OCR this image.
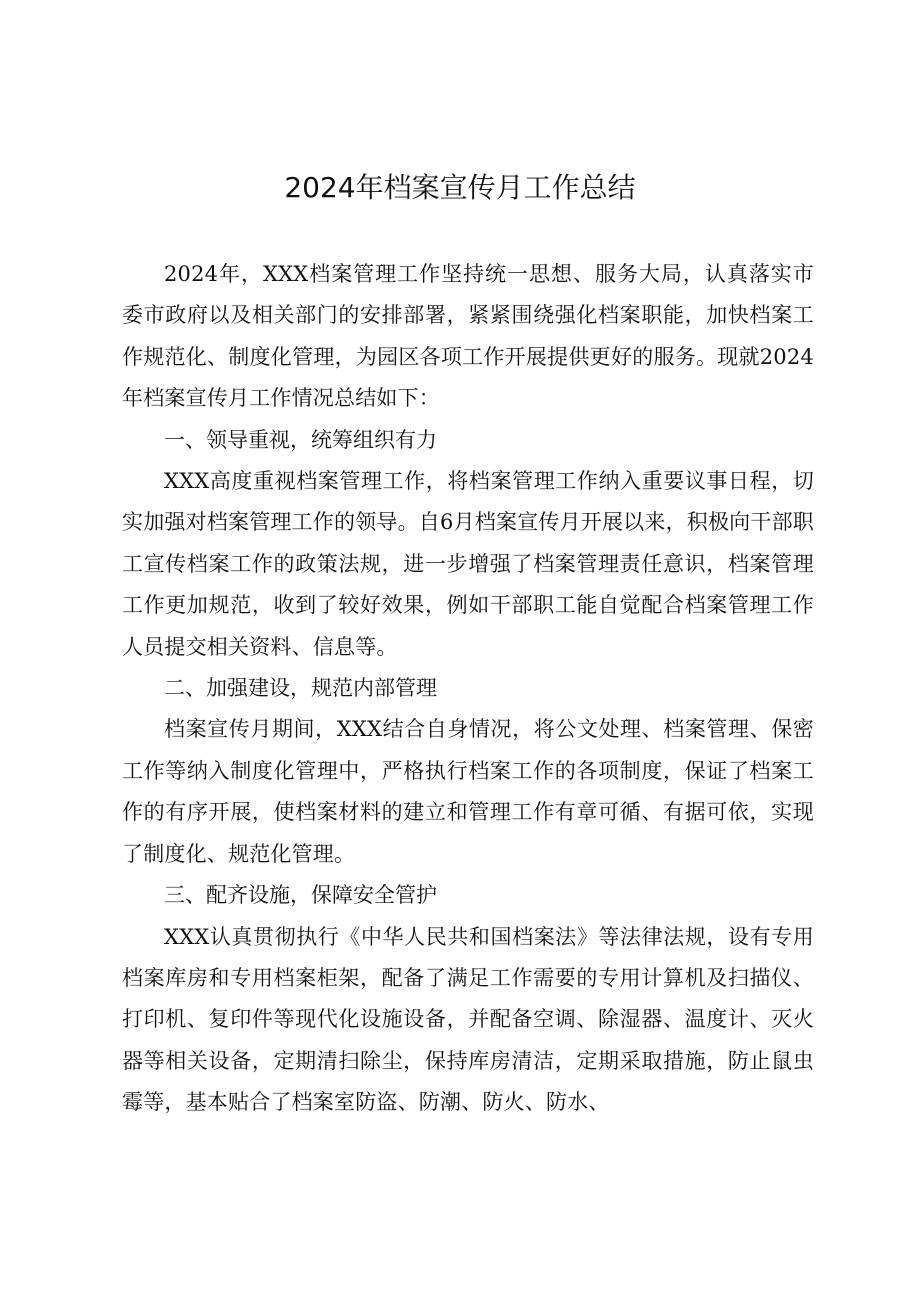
2024年档案宣传月工作总结

2024年，XXX档案管理工作坚持统一思想、服务大局，认真落实市委市政府以及相关部门的安排部署，紧紧围绕强化档案职能，加快档案工作规范化、制度化管理，为园区各项工作开展提供更好的服务。现就2024年档案宣传月工作情况总结如下：

一、领导重视，统筹组织有力

XXX高度重视档案管理工作，将档案管理工作纳入重要议事日程，切实加强对档案管理工作的领导。自6月档案宣传月开展以来，积极向干部职工宣传档案工作的政策法规，进一步增强了档案管理责任意识，档案管理工作更加规范，收到了较好效果，例如干部职工能自觉配合档案管理工作人员提交相关资料、信息等。

二、加强建设，规范内部管理

档案宣传月期间，XXX结合自身情况，将公文处理、档案管理、保密工作等纳入制度化管理中，严格执行档案工作的各项制度，保证了档案工作的有序开展，使档案材料的建立和管理工作有章可循、有据可依，实现了制度化、规范化管理。

三、配齐设施，保障安全管护

XXX认真贯彻执行《中华人民共和国档案法》等法律法规，设有专用档案库房和专用档案柜架，配备了满足工作需要的专用计算机及扫描仪、打印机、复印件等现代化设施设备，并配备空调、除湿器、温度计、灭火器等相关设备，定期清扫除尘，保持库房清洁，定期采取措施，防止鼠虫霉等，基本贴合了档案室防盗、防潮、防火、防水、
